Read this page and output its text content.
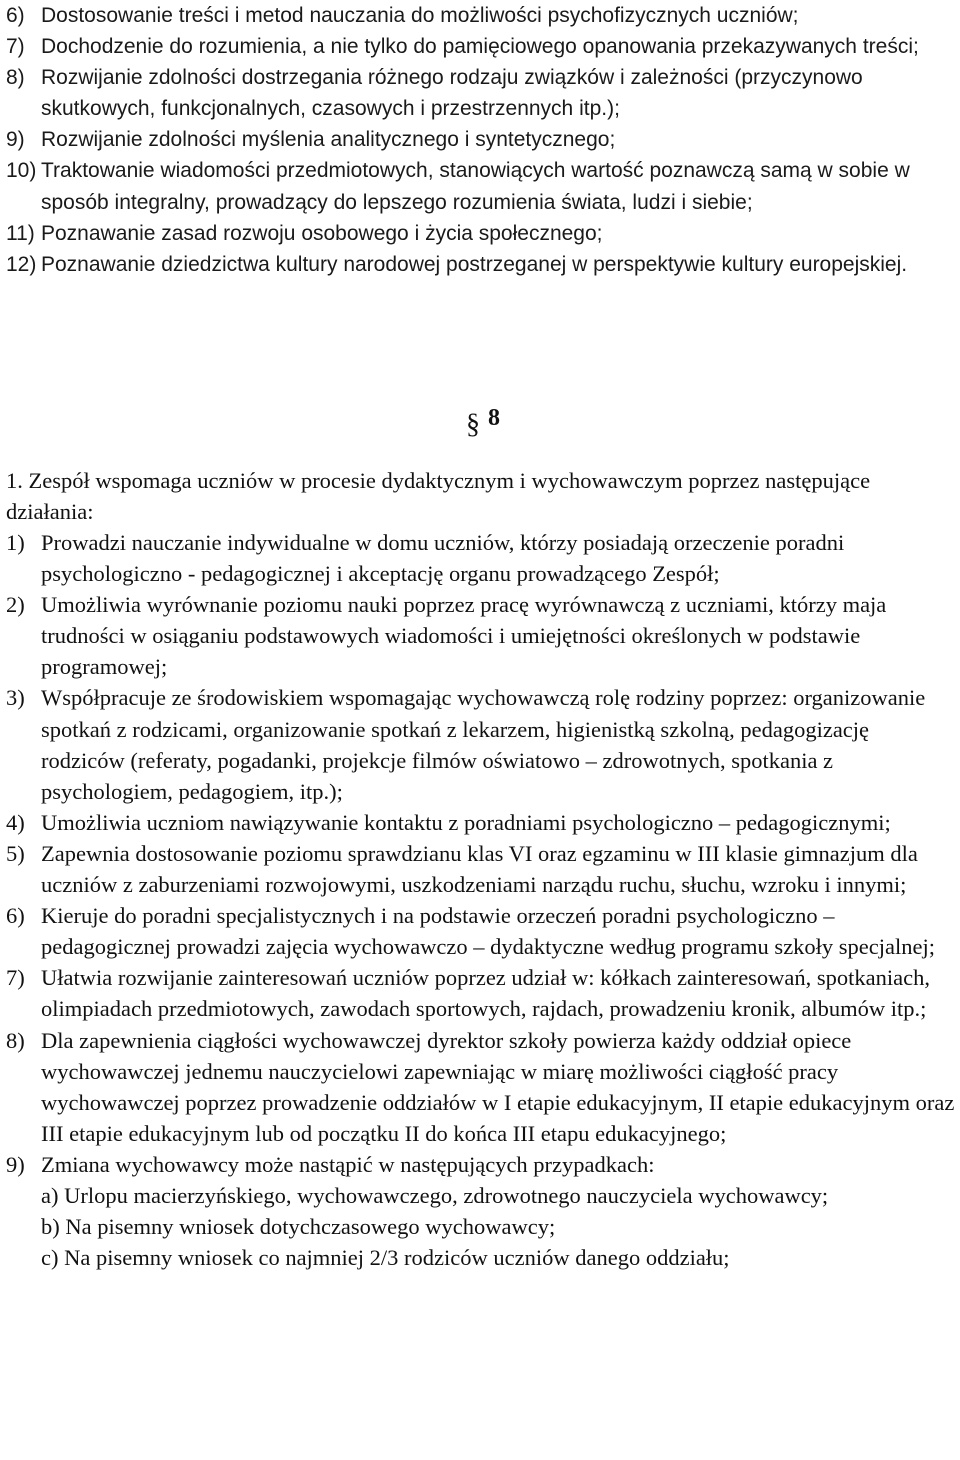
6) Dostosowanie treści i metod nauczania do możliwości psychofizycznych uczniów;
7) Dochodzenie do rozumienia, a nie tylko do pamięciowego opanowania przekazywanych treści;
8) Rozwijanie zdolności dostrzegania różnego rodzaju związków i zależności (przyczynowo skutkowych, funkcjonalnych, czasowych i przestrzennych itp.);
9) Rozwijanie zdolności myślenia analitycznego i syntetycznego;
10) Traktowanie wiadomości przedmiotowych, stanowiących wartość poznawczą samą w sobie w sposób integralny, prowadzący do lepszego rozumienia świata, ludzi i siebie;
11) Poznawanie zasad rozwoju osobowego i życia społecznego;
12) Poznawanie dziedzictwa kultury narodowej postrzeganej w perspektywie kultury europejskiej.
§ 8

1. Zespół wspomaga uczniów w procesie dydaktycznym i wychowawczym poprzez następujące działania:

1) Prowadzi nauczanie indywidualne w domu uczniów, którzy posiadają orzeczenie poradni psychologiczno - pedagogicznej i akceptację organu prowadzącego Zespół;
2) Umożliwia wyrównanie poziomu nauki poprzez pracę wyrównawczą z uczniami, którzy maja trudności w osiąganiu podstawowych wiadomości i umiejętności określonych w podstawie programowej;
3) Współpracuje ze środowiskiem wspomagając wychowawczą rolę rodziny poprzez: organizowanie spotkań z rodzicami, organizowanie spotkań z lekarzem, higienistką szkolną, pedagogizację rodziców (referaty, pogadanki, projekcje filmów oświatowo – zdrowotnych, spotkania z psychologiem, pedagogiem, itp.);
4) Umożliwia uczniom nawiązywanie kontaktu z poradniami psychologiczno – pedagogicznymi;
5) Zapewnia dostosowanie poziomu sprawdzianu klas VI oraz egzaminu w III klasie gimnazjum dla uczniów z zaburzeniami rozwojowymi, uszkodzeniami narządu ruchu, słuchu, wzroku i innymi;
6) Kieruje do poradni specjalistycznych i na podstawie orzeczeń poradni psychologiczno – pedagogicznej prowadzi zajęcia wychowawczo – dydaktyczne według programu szkoły specjalnej;
7) Ułatwia rozwijanie zainteresowań uczniów poprzez udział w: kółkach zainteresowań, spotkaniach, olimpiadach przedmiotowych, zawodach sportowych, rajdach, prowadzeniu kronik, albumów itp.;
8) Dla zapewnienia ciągłości wychowawczej dyrektor szkoły powierza każdy oddział opiece wychowawczej jednemu nauczycielowi zapewniając w miarę możliwości ciągłość pracy wychowawczej poprzez prowadzenie oddziałów w I etapie edukacyjnym, II etapie edukacyjnym oraz III etapie edukacyjnym lub od początku II do końca III etapu edukacyjnego;
9) Zmiana wychowawcy może nastąpić w następujących przypadkach:
a) Urlopu macierzyńskiego, wychowawczego, zdrowotnego nauczyciela wychowawcy;
b) Na pisemny wniosek dotychczasowego wychowawcy;
c) Na pisemny wniosek co najmniej 2/3 rodziców uczniów danego oddziału;
